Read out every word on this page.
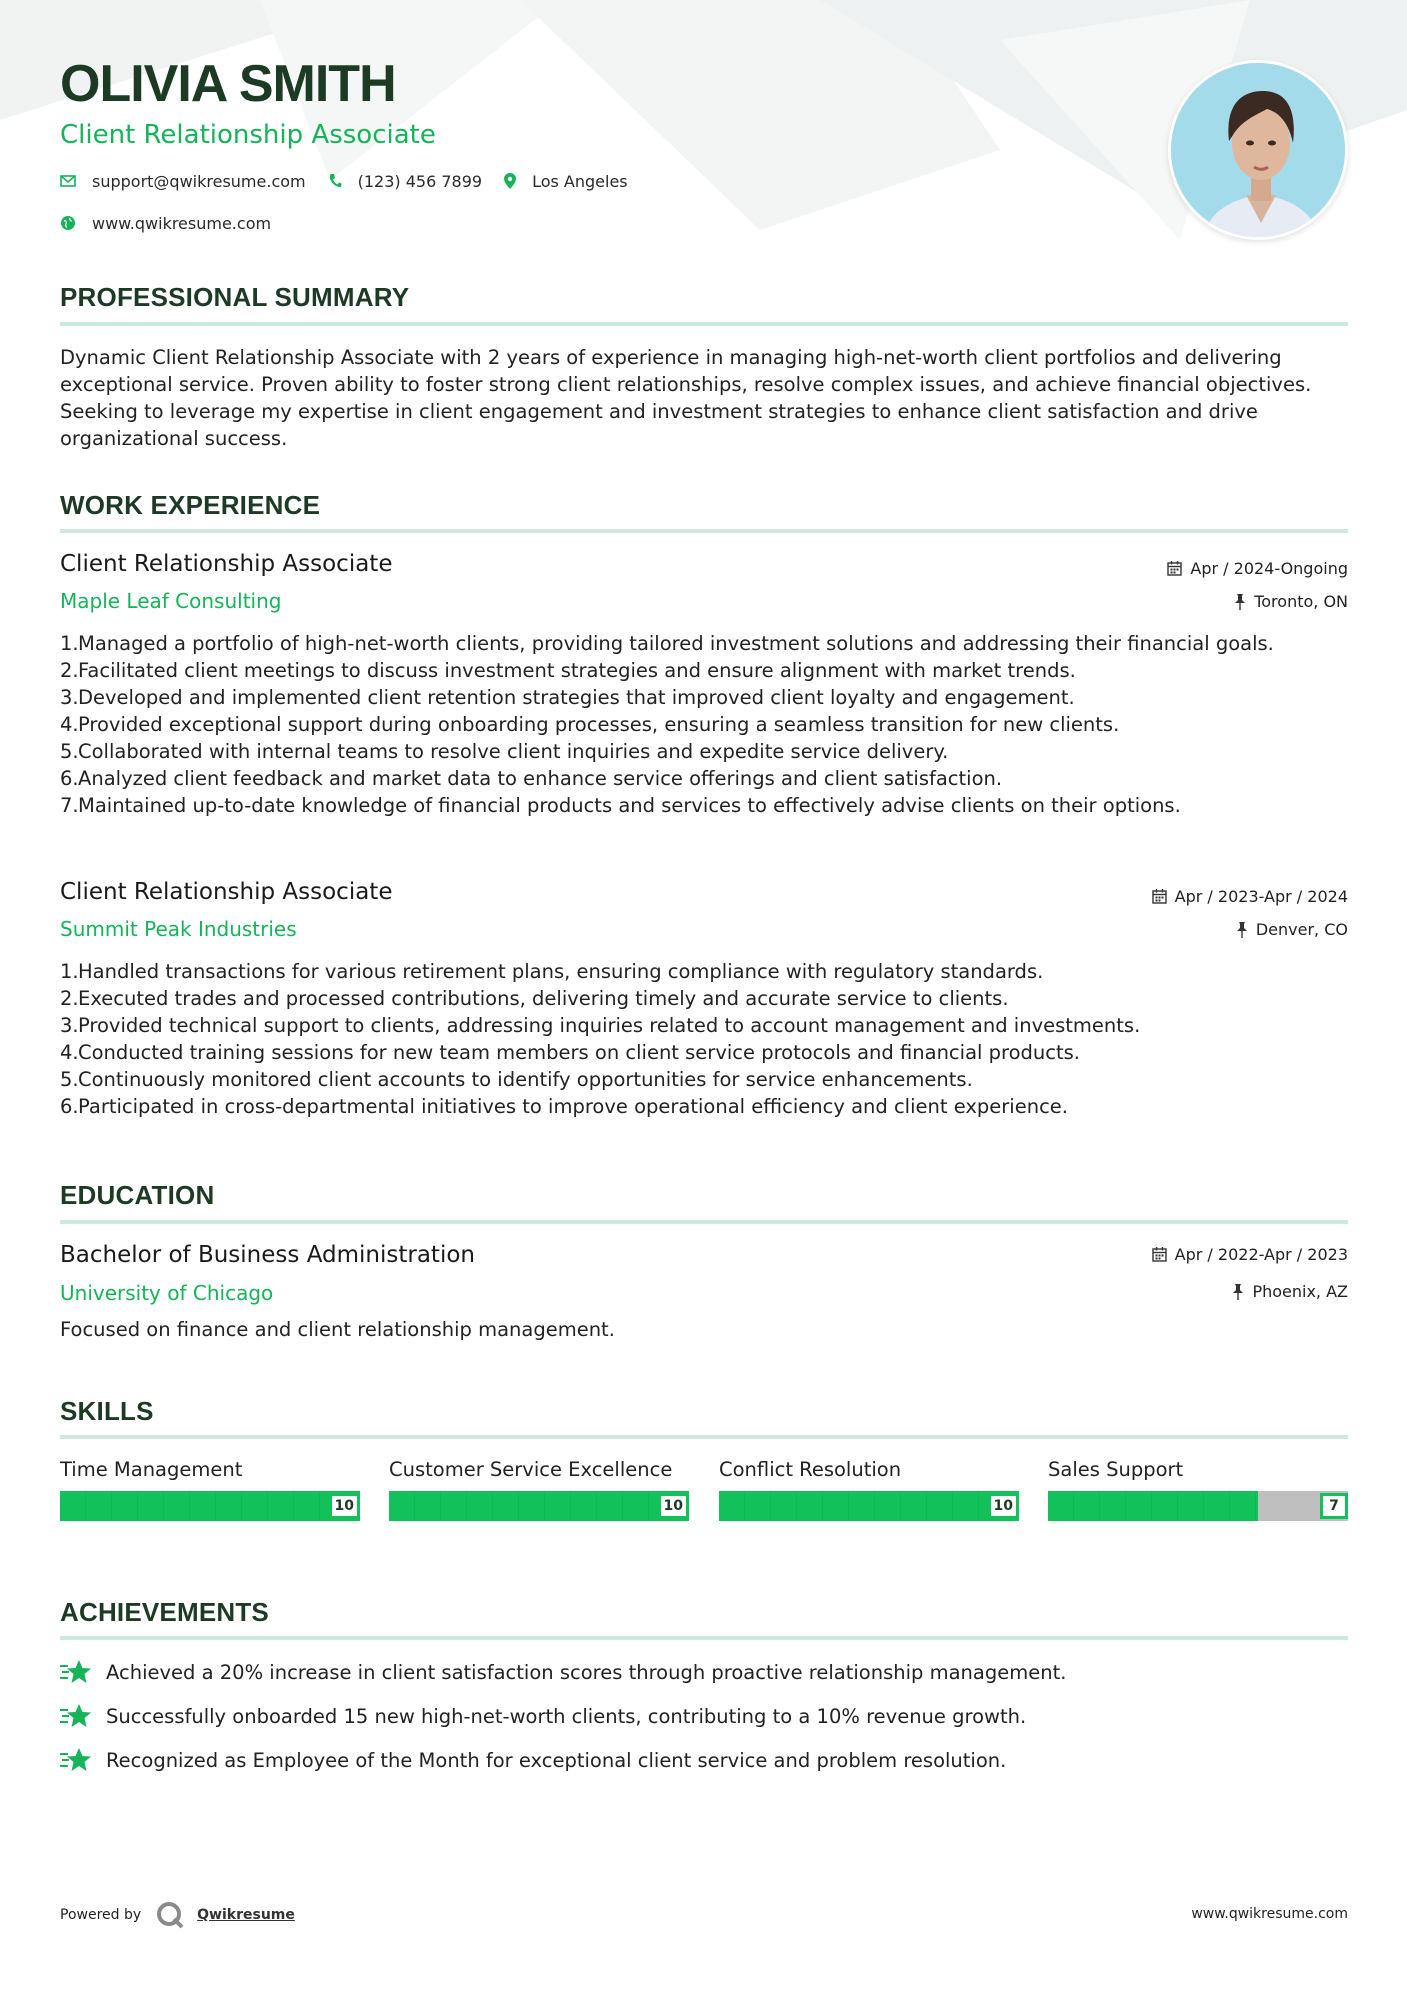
OLIVIA SMITH
Client Relationship Associate
support@qwikresume.com	(123) 456 7899	Los Angeles
www.qwikresume.com
PROFESSIONAL SUMMARY
Dynamic Client Relationship Associate with 2 years of experience in managing high-net-worth client portfolios and delivering exceptional service. Proven ability to foster strong client relationships, resolve complex issues, and achieve financial objectives. Seeking to leverage my expertise in client engagement and investment strategies to enhance client satisfaction and drive organizational success.
WORK EXPERIENCE
Client Relationship Associate
Maple Leaf Consulting
Apr / 2024-Ongoing
Toronto, ON
1. Managed a portfolio of high-net-worth clients, providing tailored investment solutions and addressing their financial goals.
2. Facilitated client meetings to discuss investment strategies and ensure alignment with market trends.
3. Developed and implemented client retention strategies that improved client loyalty and engagement.
4. Provided exceptional support during onboarding processes, ensuring a seamless transition for new clients.
5. Collaborated with internal teams to resolve client inquiries and expedite service delivery.
6. Analyzed client feedback and market data to enhance service offerings and client satisfaction.
7. Maintained up-to-date knowledge of financial products and services to effectively advise clients on their options.
Client Relationship Associate
Summit Peak Industries
Apr / 2023-Apr / 2024
Denver, CO
1. Handled transactions for various retirement plans, ensuring compliance with regulatory standards.
2. Executed trades and processed contributions, delivering timely and accurate service to clients.
3. Provided technical support to clients, addressing inquiries related to account management and investments.
4. Conducted training sessions for new team members on client service protocols and financial products.
5. Continuously monitored client accounts to identify opportunities for service enhancements.
6. Participated in cross-departmental initiatives to improve operational efficiency and client experience.
EDUCATION
Bachelor of Business Administration
University of Chicago
Apr / 2022-Apr / 2023
Phoenix, AZ
Focused on finance and client relationship management.
SKILLS
Time Management
10
Customer Service Excellence
10
Conflict Resolution
10
Sales Support
7
ACHIEVEMENTS
Achieved a 20% increase in client satisfaction scores through proactive relationship management.
Successfully onboarded 15 new high-net-worth clients, contributing to a 10% revenue growth.
Recognized as Employee of the Month for exceptional client service and problem resolution.
Powered by	Qwikresume	www.qwikresume.com
